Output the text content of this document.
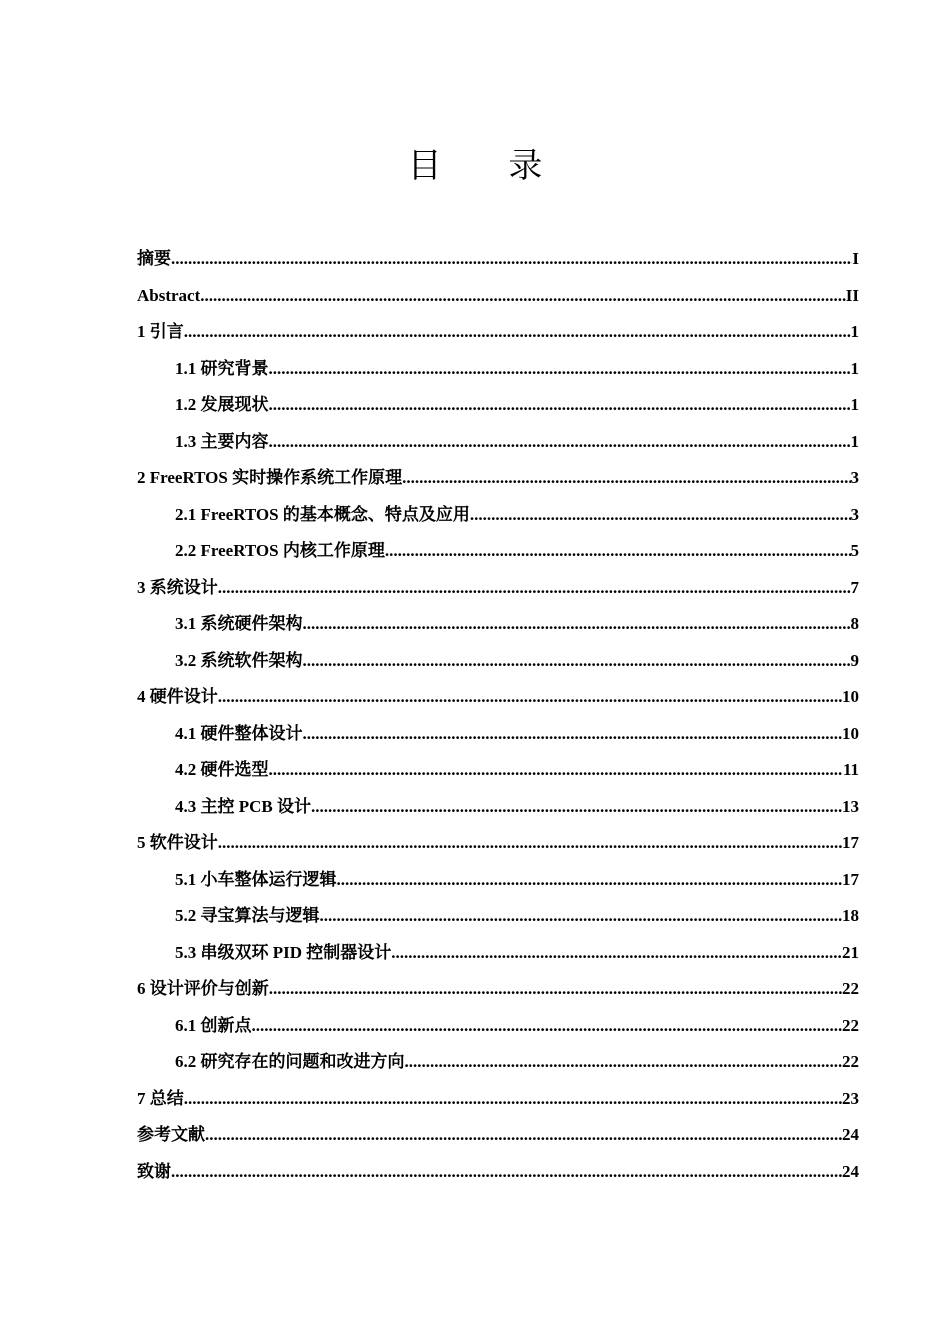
目 录
摘要 .....	I
Abstract .....	II
1 引言 .....	1
1.1 研究背景 .....	1
1.2 发展现状 .....	1
1.3 主要内容 .....	1
2 FreeRTOS 实时操作系统工作原理 .....	3
2.1 FreeRTOS 的基本概念、特点及应用 .....	3
2.2 FreeRTOS 内核工作原理 .....	5
3 系统设计 .....	7
3.1 系统硬件架构 .....	8
3.2 系统软件架构 .....	9
4 硬件设计 .....	10
4.1 硬件整体设计 .....	10
4.2 硬件选型 .....	11
4.3 主控 PCB 设计 .....	13
5 软件设计 .....	17
5.1 小车整体运行逻辑 .....	17
5.2 寻宝算法与逻辑 .....	18
5.3 串级双环 PID 控制器设计 .....	21
6 设计评价与创新 .....	22
6.1 创新点 .....	22
6.2 研究存在的问题和改进方向 .....	22
7 总结 .....	23
参考文献 .....	24
致谢 .....	24
